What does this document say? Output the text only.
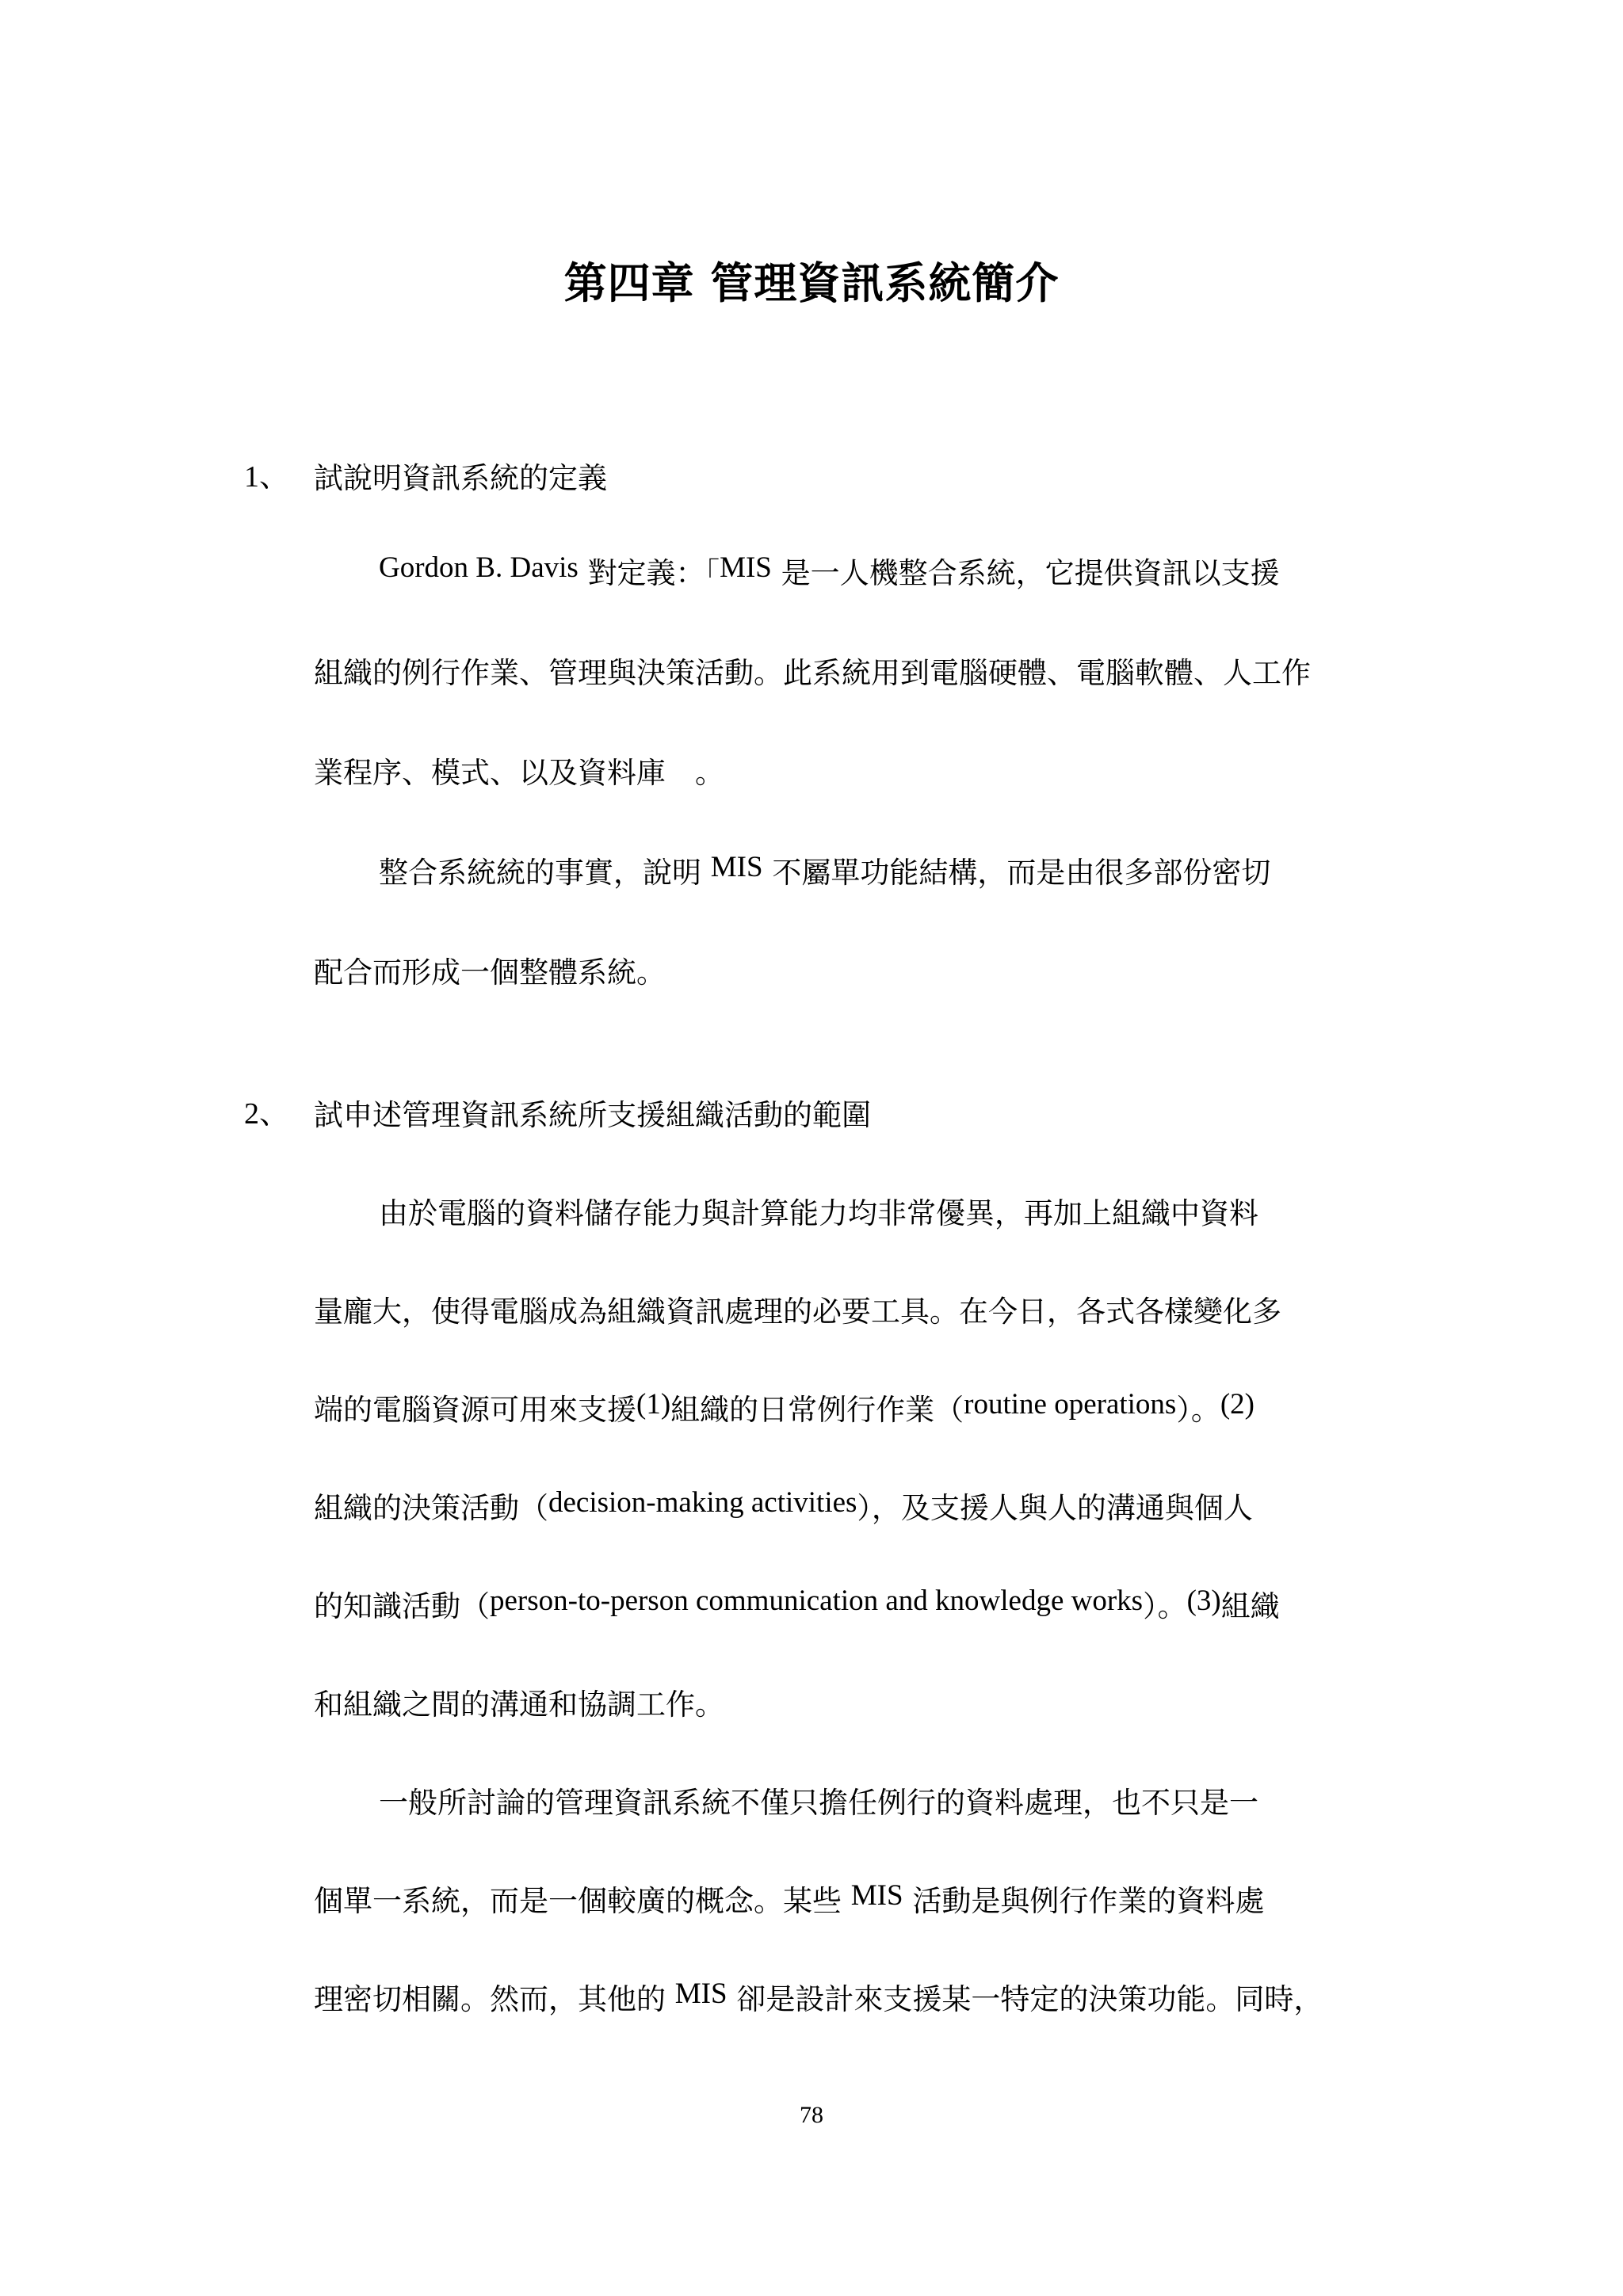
第四章 管理資訊系統簡介
1、 試說明資訊系統的定義
Gordon B. Davis 對定義：「MIS 是一人機整合系統，它提供資訊以支援
組織的例行作業、管理與決策活動。此系統用到電腦硬體、電腦軟體、人工作
業程序、模式、以及資料庫　。
整合系統統的事實，說明 MIS 不屬單功能結構，而是由很多部份密切
配合而形成一個整體系統。
2、 試申述管理資訊系統所支援組織活動的範圍
由於電腦的資料儲存能力與計算能力均非常優異，再加上組織中資料
量龐大，使得電腦成為組織資訊處理的必要工具。在今日，各式各樣變化多
端的電腦資源可用來支援(1)組織的日常例行作業（routine operations）。(2)
組織的決策活動（decision-making activities），及支援人與人的溝通與個人
的知識活動（person-to-person communication and knowledge works）。(3)組織
和組織之間的溝通和協調工作。
一般所討論的管理資訊系統不僅只擔任例行的資料處理，也不只是一
個單一系統，而是一個較廣的概念。某些 MIS 活動是與例行作業的資料處
理密切相關。然而，其他的 MIS 卻是設計來支援某一特定的決策功能。同時，
78
